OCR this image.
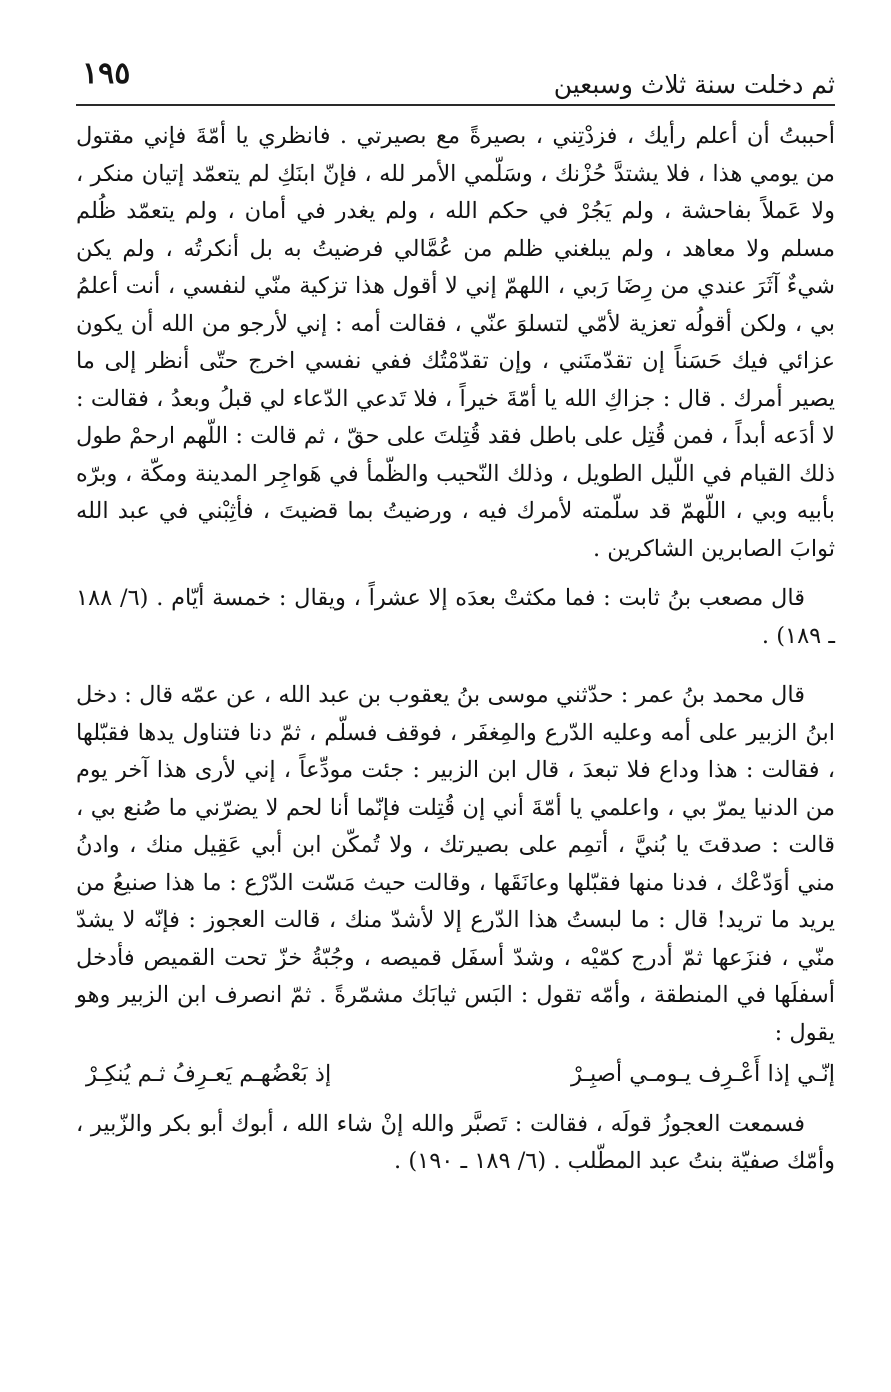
١٩٥	ثم دخلت سنة ثلاث وسبعين

أحببتُ أن أعلم رأيك ، فزدْتِني ، بصيرةً مع بصيرتي . فانظري يا أمّةَ فإني مقتول من يومي هذا ، فلا يشتدَّ حُزْنك ، وسَلّمي الأمر لله ، فإنّ ابنَكِ لم يتعمّد إتيان منكر ، ولا عَملاً بفاحشة ، ولم يَجُرْ في حكم الله ، ولم يغدر في أمان ، ولم يتعمّد ظُلم مسلم ولا معاهد ، ولم يبلغني ظلم من عُمَّالي فرضيتُ به بل أنكرتُه ، ولم يكن شيءٌ آثَرَ عندي من رِضَا رَبي ، اللهمّ إني لا أقول هذا تزكية منّي لنفسي ، أنت أعلمُ بي ، ولكن أقولُه تعزية لأمّي لتسلوَ عنّي ، فقالت أمه : إني لأرجو من الله أن يكون عزائي فيك حَسَناً إن تقدّمتَني ، وإن تقدّمْتُك ففي نفسي اخرج حتّى أنظر إلى ما يصير أمرك . قال : جزاكِ الله يا أمّةَ خيراً ، فلا تَدعي الدّعاء لي قبلُ وبعدُ ، فقالت : لا أدَعه أبداً ، فمن قُتِل على باطل فقد قُتِلتَ على حقّ ، ثم قالت : اللّهم ارحمْ طول ذلك القيام في اللّيل الطويل ، وذلك النّحيب والظّمأ في هَواجِر المدينة ومكّة ، وبرّه بأبيه وبي ، اللّهمّ قد سلّمته لأمرك فيه ، ورضيتُ بما قضيتَ ، فأثِبْني في عبد الله ثوابَ الصابرين الشاكرين .

قال مصعب بنُ ثابت : فما مكثتْ بعدَه إلا عشراً ، ويقال : خمسة أيّام . (٦/ ١٨٨ ـ ١٨٩) .

قال محمد بنُ عمر : حدّثني موسى بنُ يعقوب بن عبد الله ، عن عمّه قال : دخل ابنُ الزبير على أمه وعليه الدّرع والمِغفَر ، فوقف فسلّم ، ثمّ دنا فتناول يدها فقبّلها ، فقالت : هذا وداع فلا تبعدَ ، قال ابن الزبير : جئت مودِّعاً ، إني لأرى هذا آخر يوم من الدنيا يمرّ بي ، واعلمي يا أمّةَ أني إن قُتِلت فإنّما أنا لحم لا يضرّني ما صُنع بي ، قالت : صدقتَ يا بُنيَّ ، أتمِم على بصيرتك ، ولا تُمكّن ابن أبي عَقِيل منك ، وادنُ مني أوَدّعْك ، فدنا منها فقبّلها وعانَقَها ، وقالت حيث مَسّت الدّرْع : ما هذا صنيعُ من يريد ما تريد! قال : ما لبستُ هذا الدّرع إلا لأشدّ منك ، قالت العجوز : فإنّه لا يشدّ منّي ، فنزَعها ثمّ أدرج كمّيْه ، وشدّ أسفَل قميصه ، وجُبّةُ خزّ تحت القميص فأدخل أسفلَها في المنطقة ، وأمّه تقول : البَس ثيابَك مشمّرةً . ثمّ انصرف ابن الزبير وهو يقول :

إنّـي إذا أَعْـرِف يـومـي أصبِـرْ
إذ بَعْضُهـم يَعـرِفُ ثـم يُنكِـرْ

فسمعت العجوزُ قولَه ، فقالت : تَصبَّر والله إنْ شاء الله ، أبوك أبو بكر والزّبير ، وأمّك صفيّة بنتُ عبد المطّلب . (٦/ ١٨٩ ـ ١٩٠) .
